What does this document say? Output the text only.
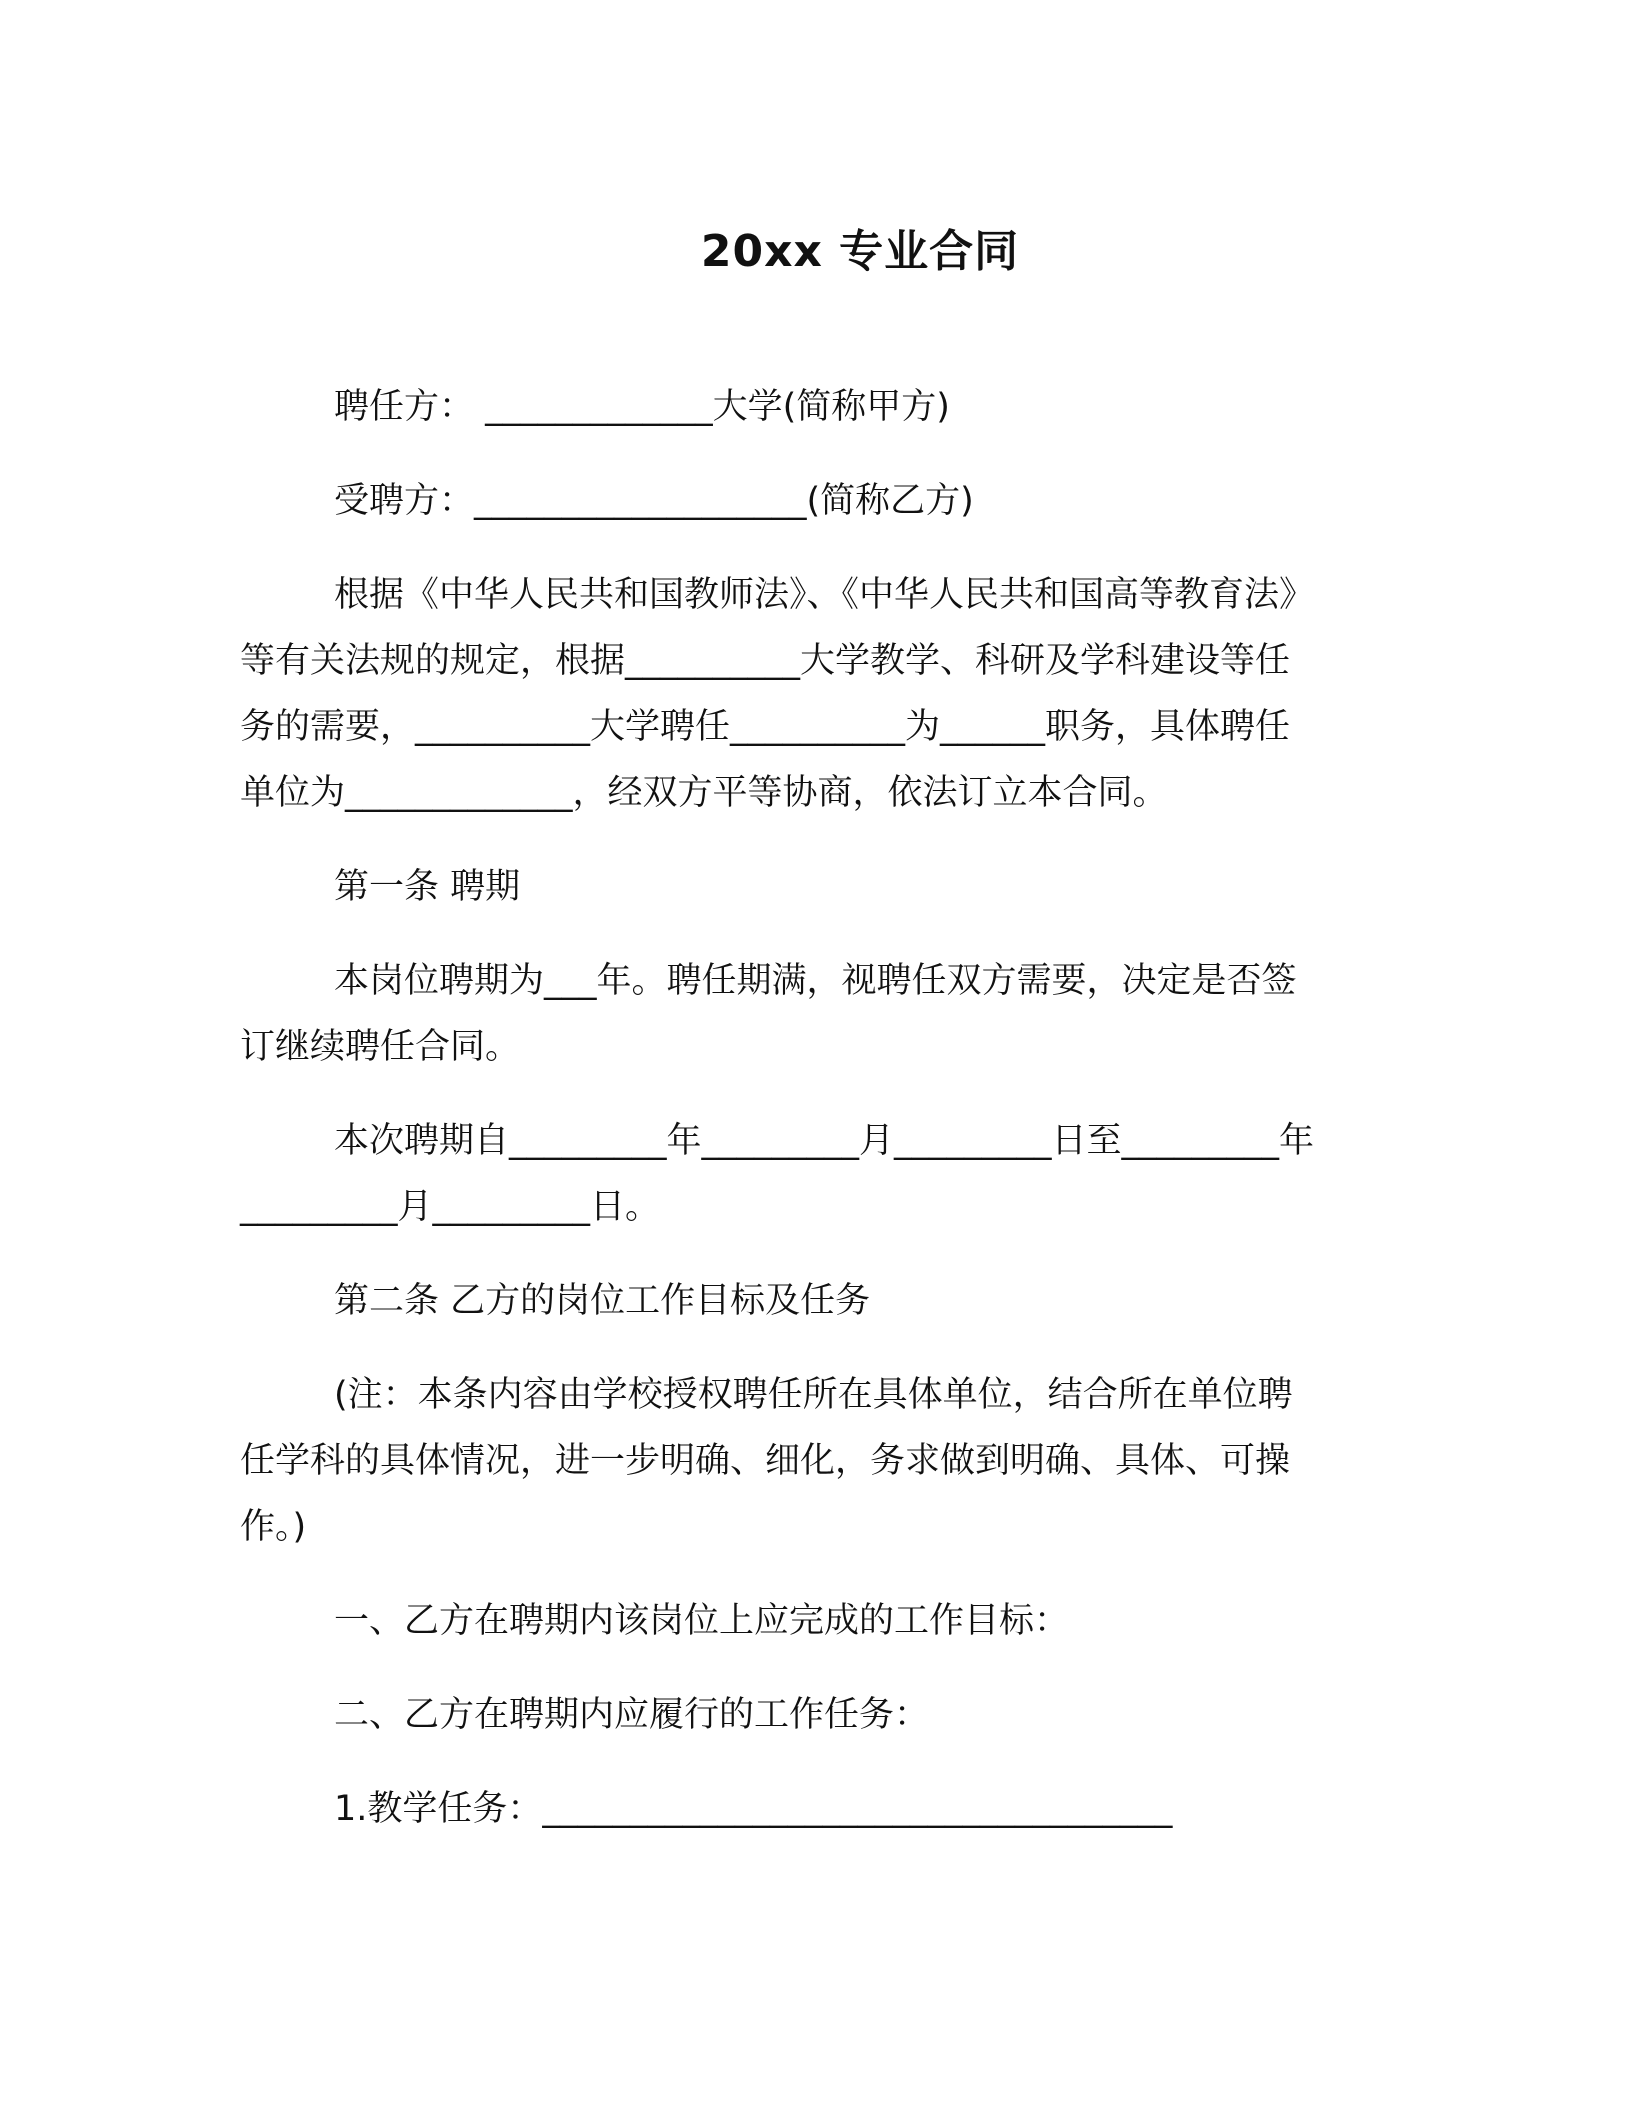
20xx 专业合同
聘任方： _____________大学(简称甲方)
受聘方：___________________(简称乙方)
根据《中华人民共和国教师法》、《中华人民共和国高等教育法》
等有关法规的规定，根据__________大学教学、科研及学科建设等任
务的需要，__________大学聘任__________为______职务，具体聘任
单位为_____________，经双方平等协商，依法订立本合同。
第一条 聘期
本岗位聘期为___年。聘任期满，视聘任双方需要，决定是否签
订继续聘任合同。
本次聘期自_________年_________月_________日至_________年
_________月_________日。
第二条 乙方的岗位工作目标及任务
(注：本条内容由学校授权聘任所在具体单位，结合所在单位聘
任学科的具体情况，进一步明确、细化，务求做到明确、具体、可操
作。)
一、乙方在聘期内该岗位上应完成的工作目标：
二、乙方在聘期内应履行的工作任务：
1.教学任务：____________________________________
